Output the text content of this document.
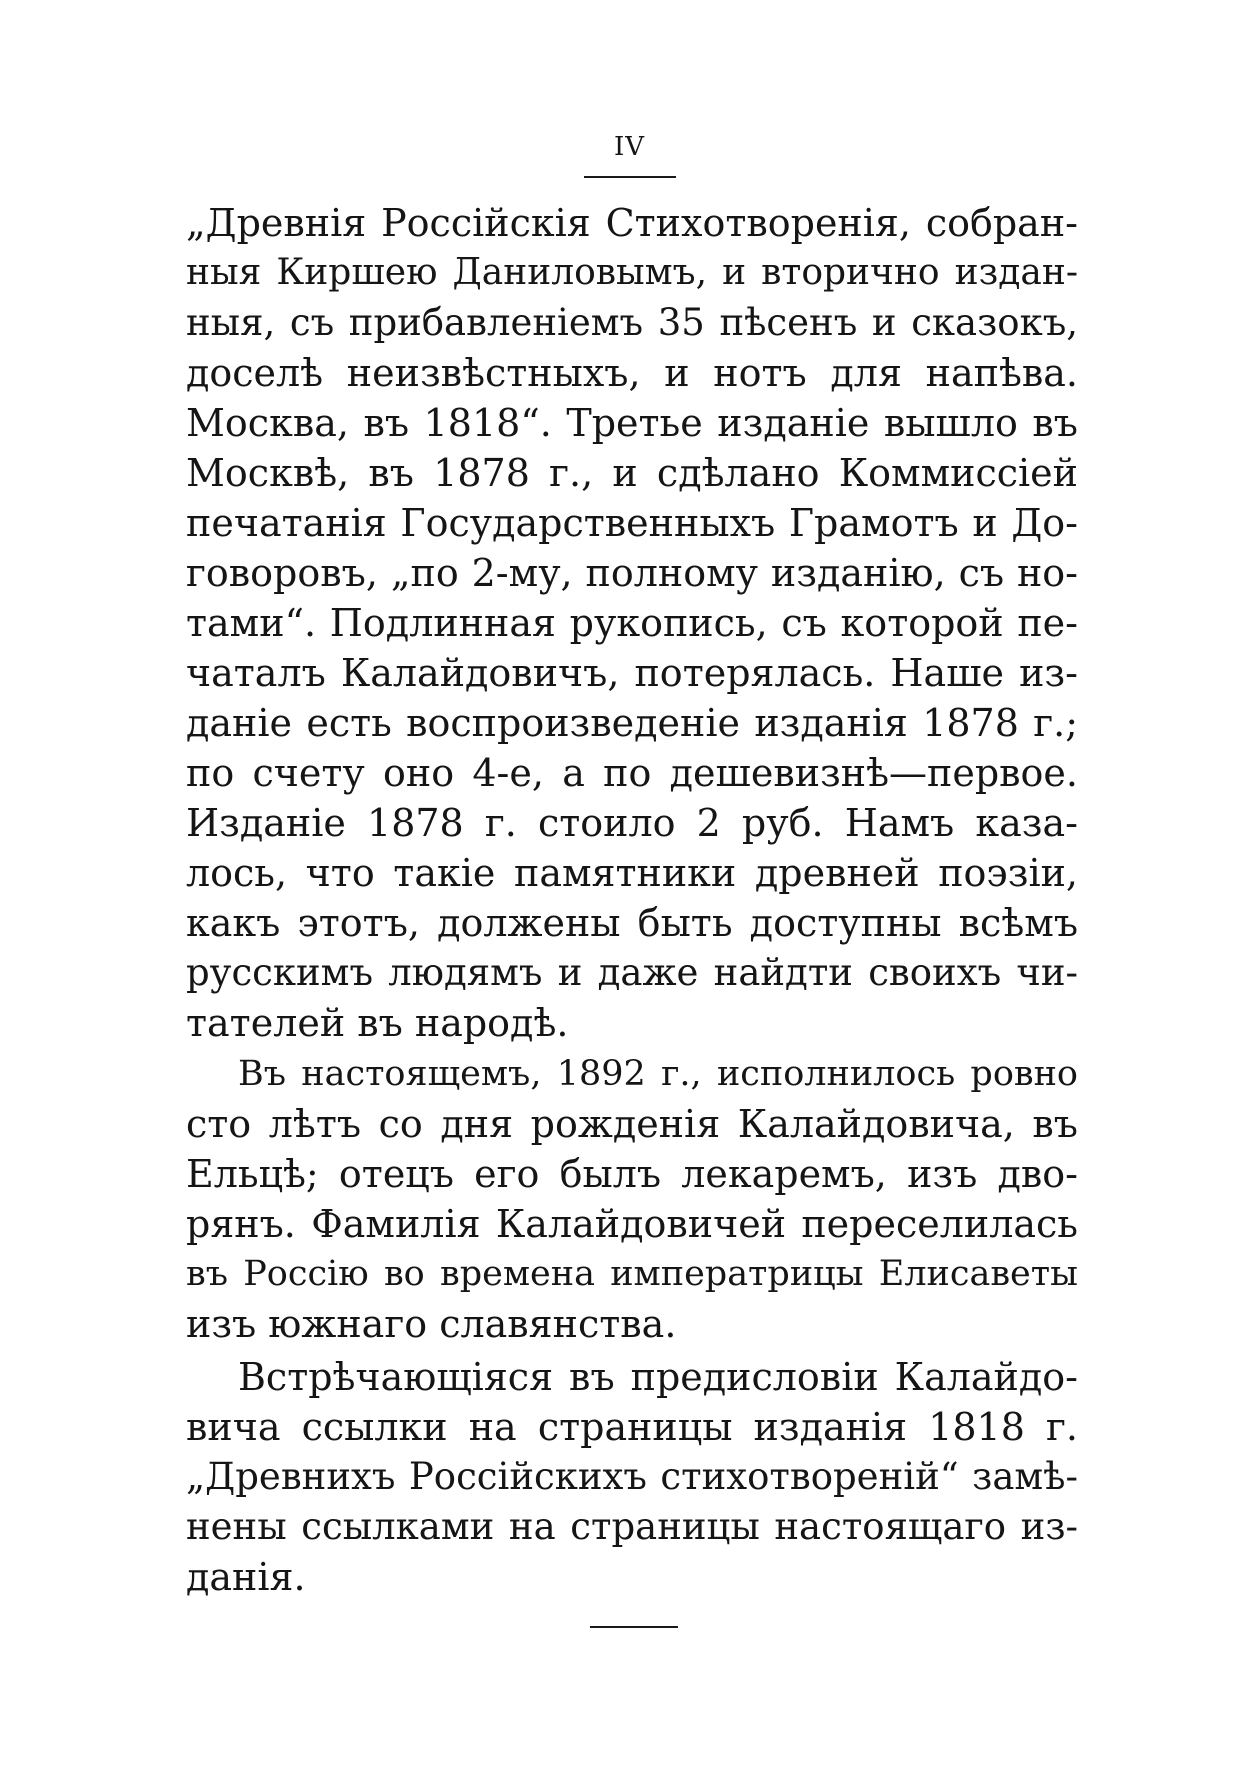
IV
„Древнія Россійскія Стихотворенія, собран-
ныя Киршею Даниловымъ, и вторично издан-
ныя, съ прибавленіемъ 35 пѣсенъ и сказокъ,
доселѣ неизвѣстныхъ, и нотъ для напѣва.
Москва, въ 1818“. Третье изданіе вышло въ
Москвѣ, въ 1878 г., и сдѣлано Коммиссіей
печатанія Государственныхъ Грамотъ и До-
говоровъ, „по 2-му, полному изданію, съ но-
тами“. Подлинная рукопись, съ которой пе-
чаталъ Калайдовичъ, потерялась. Наше из-
даніе есть воспроизведеніе изданія 1878 г.;
по счету оно 4-е, а по дешевизнѣ—первое.
Изданіе 1878 г. стоило 2 руб. Намъ каза-
лось, что такіе памятники древней поэзіи,
какъ этотъ, должены быть доступны всѣмъ
русскимъ людямъ и даже найдти своихъ чи-
тателей въ народѣ.
Въ настоящемъ, 1892 г., исполнилось ровно
сто лѣтъ со дня рожденія Калайдовича, въ
Ельцѣ; отецъ его былъ лекаремъ, изъ дво-
рянъ. Фамилія Калайдовичей переселилась
въ Россію во времена императрицы Елисаветы
изъ южнаго славянства.
Встрѣчающіяся въ предисловіи Калайдо-
вича ссылки на страницы изданія 1818 г.
„Древнихъ Россійскихъ стихотвореній“ замѣ-
нены ссылками на страницы настоящаго из-
данія.
